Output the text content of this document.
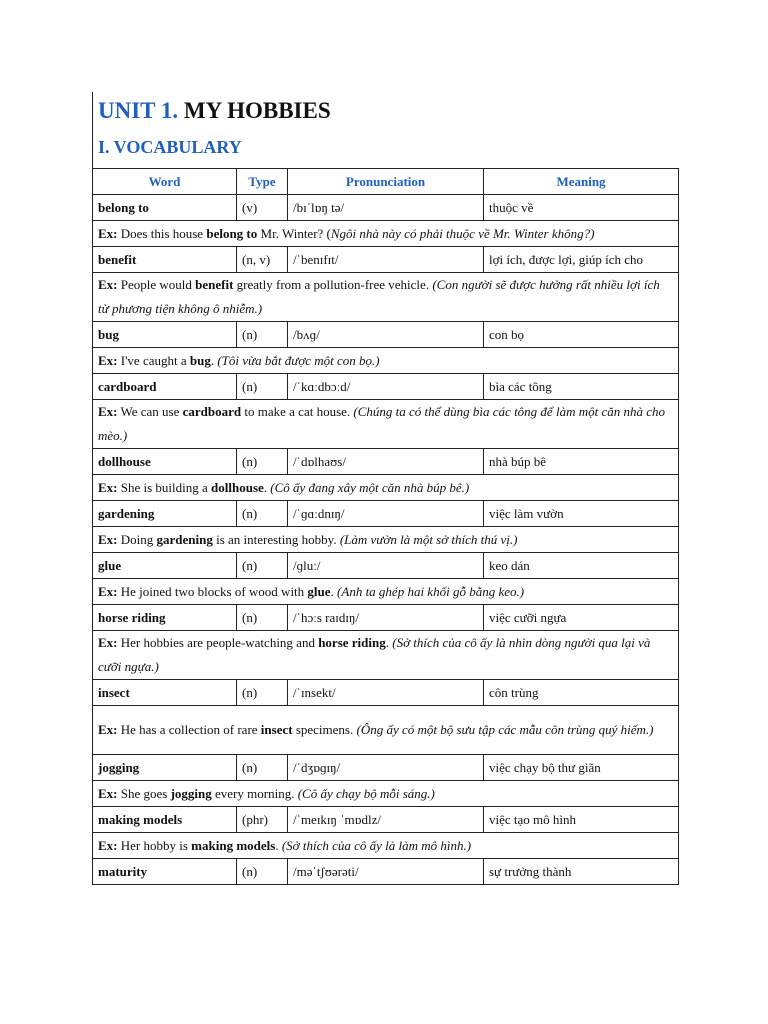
UNIT 1. MY HOBBIES
I. VOCABULARY
Word	Type	Pronunciation	Meaning
belong to	(v)	/bɪˈlɒŋ tə/	thuộc về
Ex: Does this house belong to Mr. Winter? (Ngôi nhà này có phải thuộc về Mr. Winter không?)			
benefit	(n, v)	/ˈbenɪfɪt/	lợi ích, được lợi, giúp ích cho
Ex: People would benefit greatly from a pollution-free vehicle. (Con người sẽ được hưởng rất nhiều lợi ích từ phương tiện không ô nhiễm.)			
bug	(n)	/bʌɡ/	con bọ
Ex: I've caught a bug. (Tôi vừa bắt được một con bọ.)			
cardboard	(n)	/ˈkɑːdbɔːd/	bìa các tông
Ex: We can use cardboard to make a cat house. (Chúng ta có thể dùng bìa các tông để làm một căn nhà cho mèo.)			
dollhouse	(n)	/ˈdɒlhaʊs/	nhà búp bê
Ex: She is building a dollhouse. (Cô ấy đang xây một căn nhà búp bê.)			
gardening	(n)	/ˈɡɑːdnɪŋ/	việc làm vườn
Ex: Doing gardening is an interesting hobby. (Làm vườn là một sở thích thú vị.)			
glue	(n)	/ɡluː/	keo dán
Ex: He joined two blocks of wood with glue. (Anh ta ghép hai khối gỗ bằng keo.)			
horse riding	(n)	/ˈhɔːs raɪdɪŋ/	việc cưỡi ngựa
Ex: Her hobbies are people-watching and horse riding. (Sở thích của cô ấy là nhìn dòng người qua lại và cưỡi ngựa.)			
insect	(n)	/ˈɪnsekt/	côn trùng
Ex: He has a collection of rare insect specimens. (Ông ấy có một bộ sưu tập các mẫu côn trùng quý hiếm.)			
jogging	(n)	/ˈdʒɒɡɪŋ/	việc chạy bộ thư giãn
Ex: She goes jogging every morning. (Cô ấy chạy bộ mỗi sáng.)			
making models	(phr)	/ˈmeɪkɪŋ ˈmɒdlz/	việc tạo mô hình
Ex: Her hobby is making models. (Sở thích của cô ấy là làm mô hình.)			
maturity	(n)	/məˈtʃʊərəti/	sự trưởng thành
